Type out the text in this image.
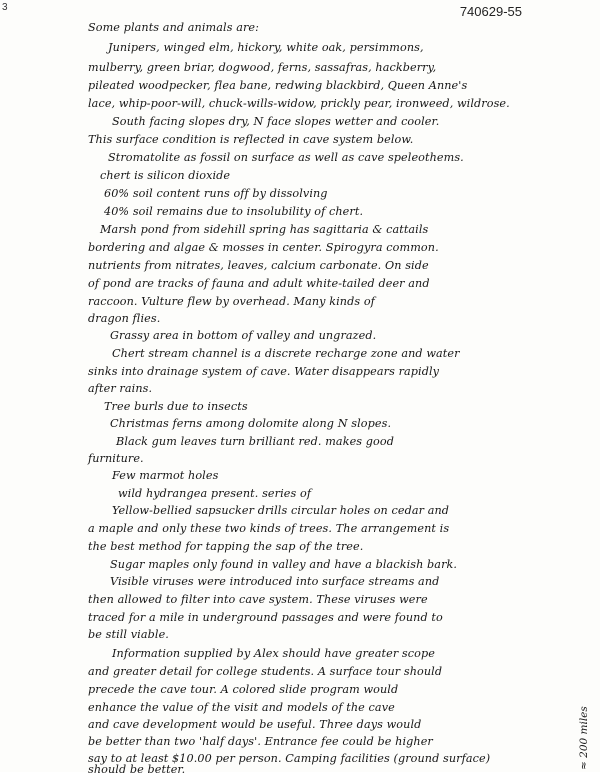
3	740629-55
Some plants and animals are:
Junipers, winged elm, hickory, white oak, persimmons,
mulberry, green briar, dogwood, ferns, sassafras, hackberry,
pileated woodpecker, flea bane, redwing blackbird, Queen Anne's
lace, whip-poor-will, chuck-wills-widow, prickly pear, ironweed, wildrose.
South facing slopes dry, N face slopes wetter and cooler.
This surface condition is reflected in cave system below.
Stromatolite as fossil on surface as well as cave speleothems.
chert is silicon dioxide
60% soil content runs off by dissolving
40% soil remains due to insolubility of chert.
Marsh pond from sidehill spring has sagittaria & cattails
bordering and algae & mosses in center. Spirogyra common.
nutrients from nitrates, leaves, calcium carbonate. On side
of pond are tracks of fauna and adult white-tailed deer and
raccoon. Vulture flew by overhead. Many kinds of
dragon flies.
Grassy area in bottom of valley and ungrazed.
Chert stream channel is a discrete recharge zone and water
sinks into drainage system of cave. Water disappears rapidly
after rains.
Tree burls due to insects
Christmas ferns among dolomite along N slopes.
Black gum leaves turn brilliant red. makes good
furniture.
Few marmot holes
wild hydrangea present. series of
Yellow-bellied sapsucker drills circular holes on cedar and
a maple and only these two kinds of trees. The arrangement is
the best method for tapping the sap of the tree.
Sugar maples only found in valley and have a blackish bark.
Visible viruses were introduced into surface streams and
then allowed to filter into cave system. These viruses were
traced for a mile in underground passages and were found to
be still viable.
Information supplied by Alex should have greater scope
and greater detail for college students. A surface tour should
precede the cave tour. A colored slide program would
enhance the value of the visit and models of the cave
and cave development would be useful. Three days would
be better than two 'half days'. Entrance fee could be higher
say to at least $10.00 per person. Camping facilities (ground surface)
should be better.	≈ 200 miles
